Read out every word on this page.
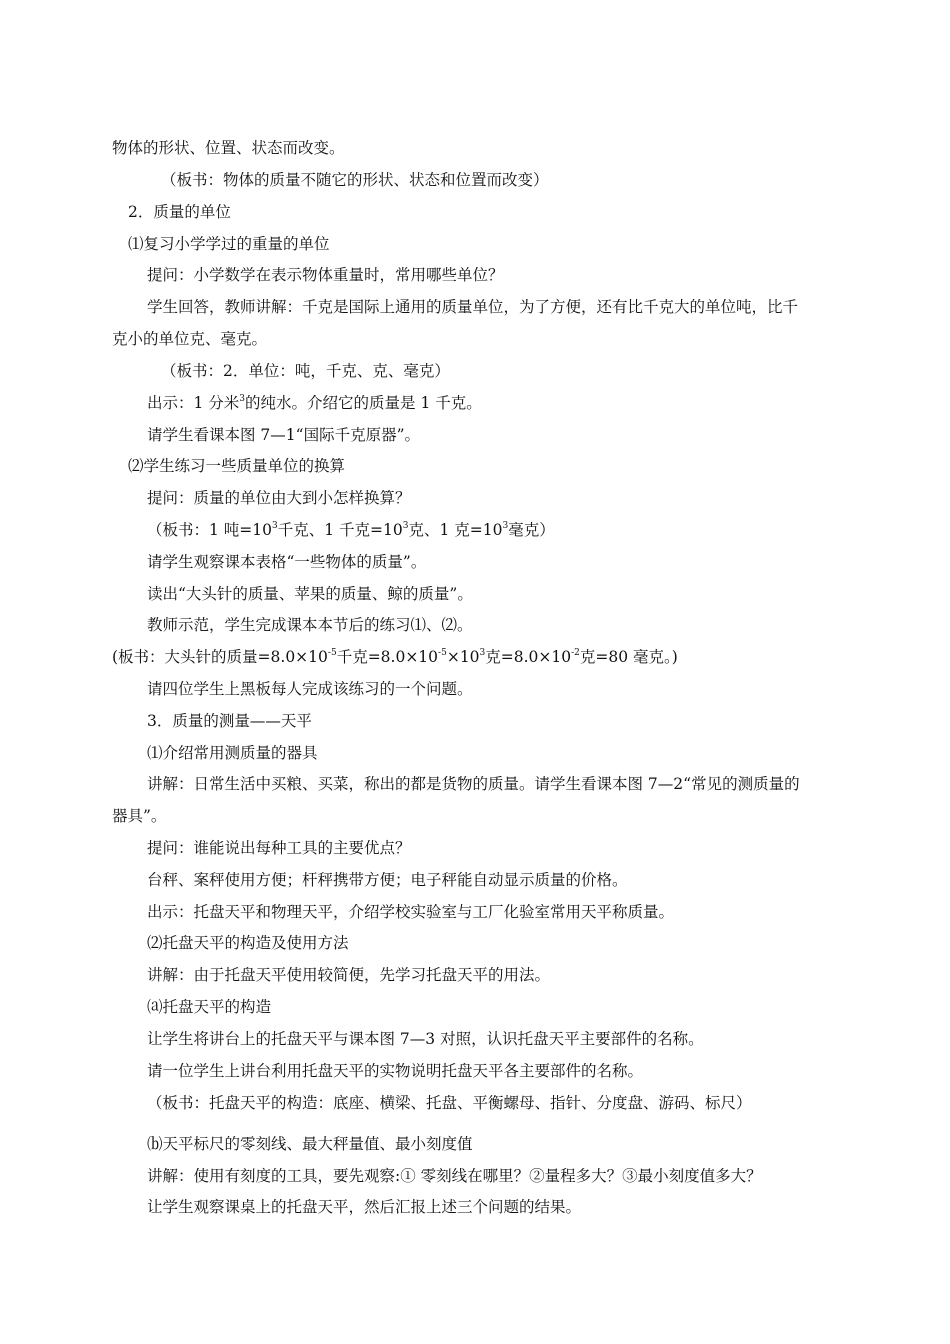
物体的形状、位置、状态而改变。
（板书：物体的质量不随它的形状、状态和位置而改变）
2．质量的单位
⑴复习小学学过的重量的单位
提问：小学数学在表示物体重量时，常用哪些单位？
学生回答，教师讲解：千克是国际上通用的质量单位，为了方便，还有比千克大的单位吨，比千
克小的单位克、毫克。
（板书：2．单位：吨，千克、克、毫克）
出示：1 分米$^3$的纯水。介绍它的质量是 1 千克。
请学生看课本图 7—1“国际千克原器”。
⑵学生练习一些质量单位的换算
提问：质量的单位由大到小怎样换算？
（板书：1 吨$=10^3$千克、1 千克$=10^3$克、1 克$=10^3$毫克）
请学生观察课本表格“一些物体的质量”。
读出“大头针的质量、苹果的质量、鲸的质量”。
教师示范，学生完成课本本节后的练习⑴、⑵。
(板书：大头针的质量$=8.0\times 10^{-5}$千克$=8.0\times 10^{-5}\times 10^3$克$=8.0\times 10^{-2}$克=80 毫克。)
请四位学生上黑板每人完成该练习的一个问题。
3．质量的测量——天平
⑴介绍常用测质量的器具
讲解：日常生活中买粮、买菜，称出的都是货物的质量。请学生看课本图 7—2“常见的测质量的
器具”。
提问：谁能说出每种工具的主要优点？
台秤、案秤使用方便；杆秤携带方便；电子秤能自动显示质量的价格。
出示：托盘天平和物理天平，介绍学校实验室与工厂化验室常用天平称质量。
⑵托盘天平的构造及使用方法
讲解：由于托盘天平使用较简便，先学习托盘天平的用法。
⒜托盘天平的构造
让学生将讲台上的托盘天平与课本图 7—3 对照，认识托盘天平主要部件的名称。
请一位学生上讲台利用托盘天平的实物说明托盘天平各主要部件的名称。
（板书：托盘天平的构造：底座、横梁、托盘、平衡螺母、指针、分度盘、游码、标尺）
⒝天平标尺的零刻线、最大秤量值、最小刻度值
讲解：使用有刻度的工具，要先观察:① 零刻线在哪里？②量程多大？③最小刻度值多大？
让学生观察课桌上的托盘天平，然后汇报上述三个问题的结果。
